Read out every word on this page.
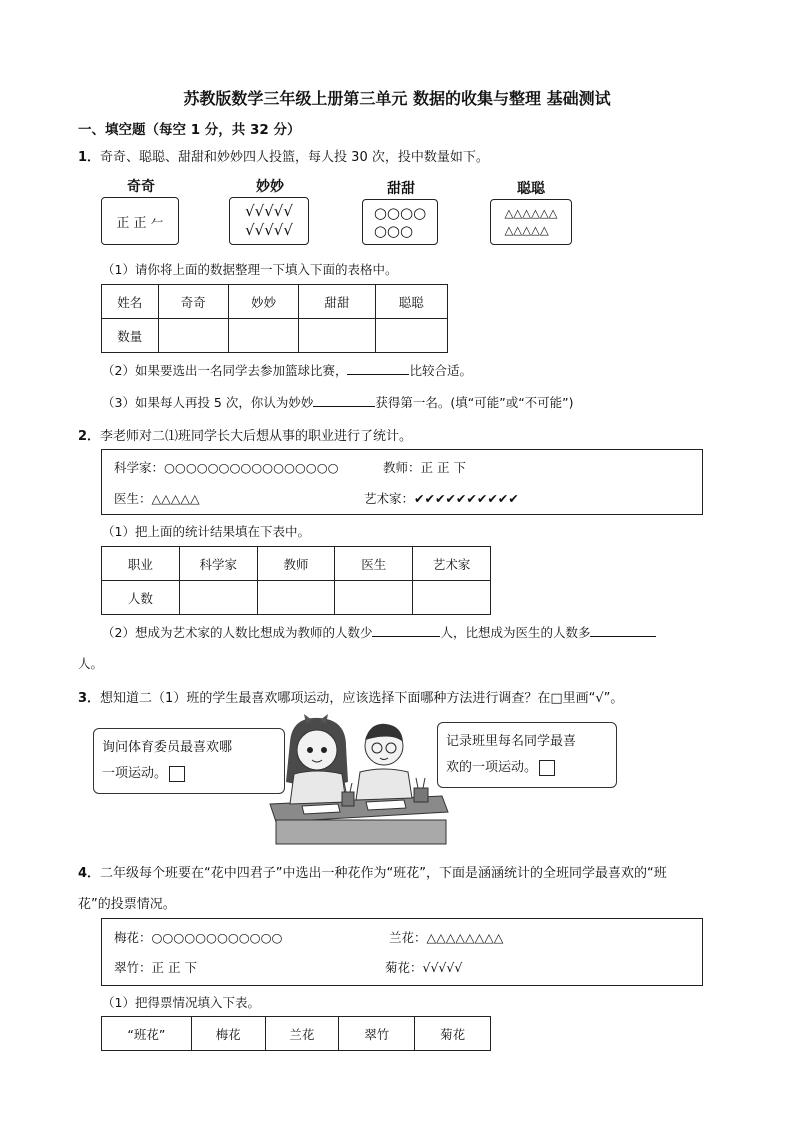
苏教版数学三年级上册第三单元 数据的收集与整理 基础测试
一、填空题（每空 1 分，共 32 分）
1．奇奇、聪聪、甜甜和妙妙四人投篮，每人投 30 次，投中数量如下。
奇奇	妙妙	甜甜	聪聪
正 正 𠂉
√√√√√
√√√√√
○○○○
○○○
△△△△△△
△△△△△
（1）请你将上面的数据整理一下填入下面的表格中。
姓名	奇奇	妙妙	甜甜	聪聪
数量				
（2）如果要选出一名同学去参加篮球比赛，	比较合适。
（3）如果每人再投 5 次，你认为妙妙	获得第一名。(填“可能”或“不可能”)
2．李老师对二⑴班同学长大后想从事的职业进行了统计。
科学家：○○○○○○○○○○○○○○○○	教师：正 正 下
医生：△△△△△	艺术家：✔✔✔✔✔✔✔✔✔✔
（1）把上面的统计结果填在下表中。
职业	科学家	教师	医生	艺术家
人数				
（2）想成为艺术家的人数比想成为教师的人数少	人，比想成为医生的人数多
人。
3．想知道二（1）班的学生最喜欢哪项运动，应该选择下面哪种方法进行调查？在□里画“√”。
询问体育委员最喜欢哪
一项运动。
记录班里每名同学最喜
欢的一项运动。
4．二年级每个班要在“花中四君子”中选出一种花作为“班花”，下面是涵涵统计的全班同学最喜欢的“班
花”的投票情况。
梅花：○○○○○○○○○○○○	兰花：△△△△△△△△
翠竹：正 正 下	菊花：√√√√√
（1）把得票情况填入下表。
“班花”	梅花	兰花	翠竹	菊花
